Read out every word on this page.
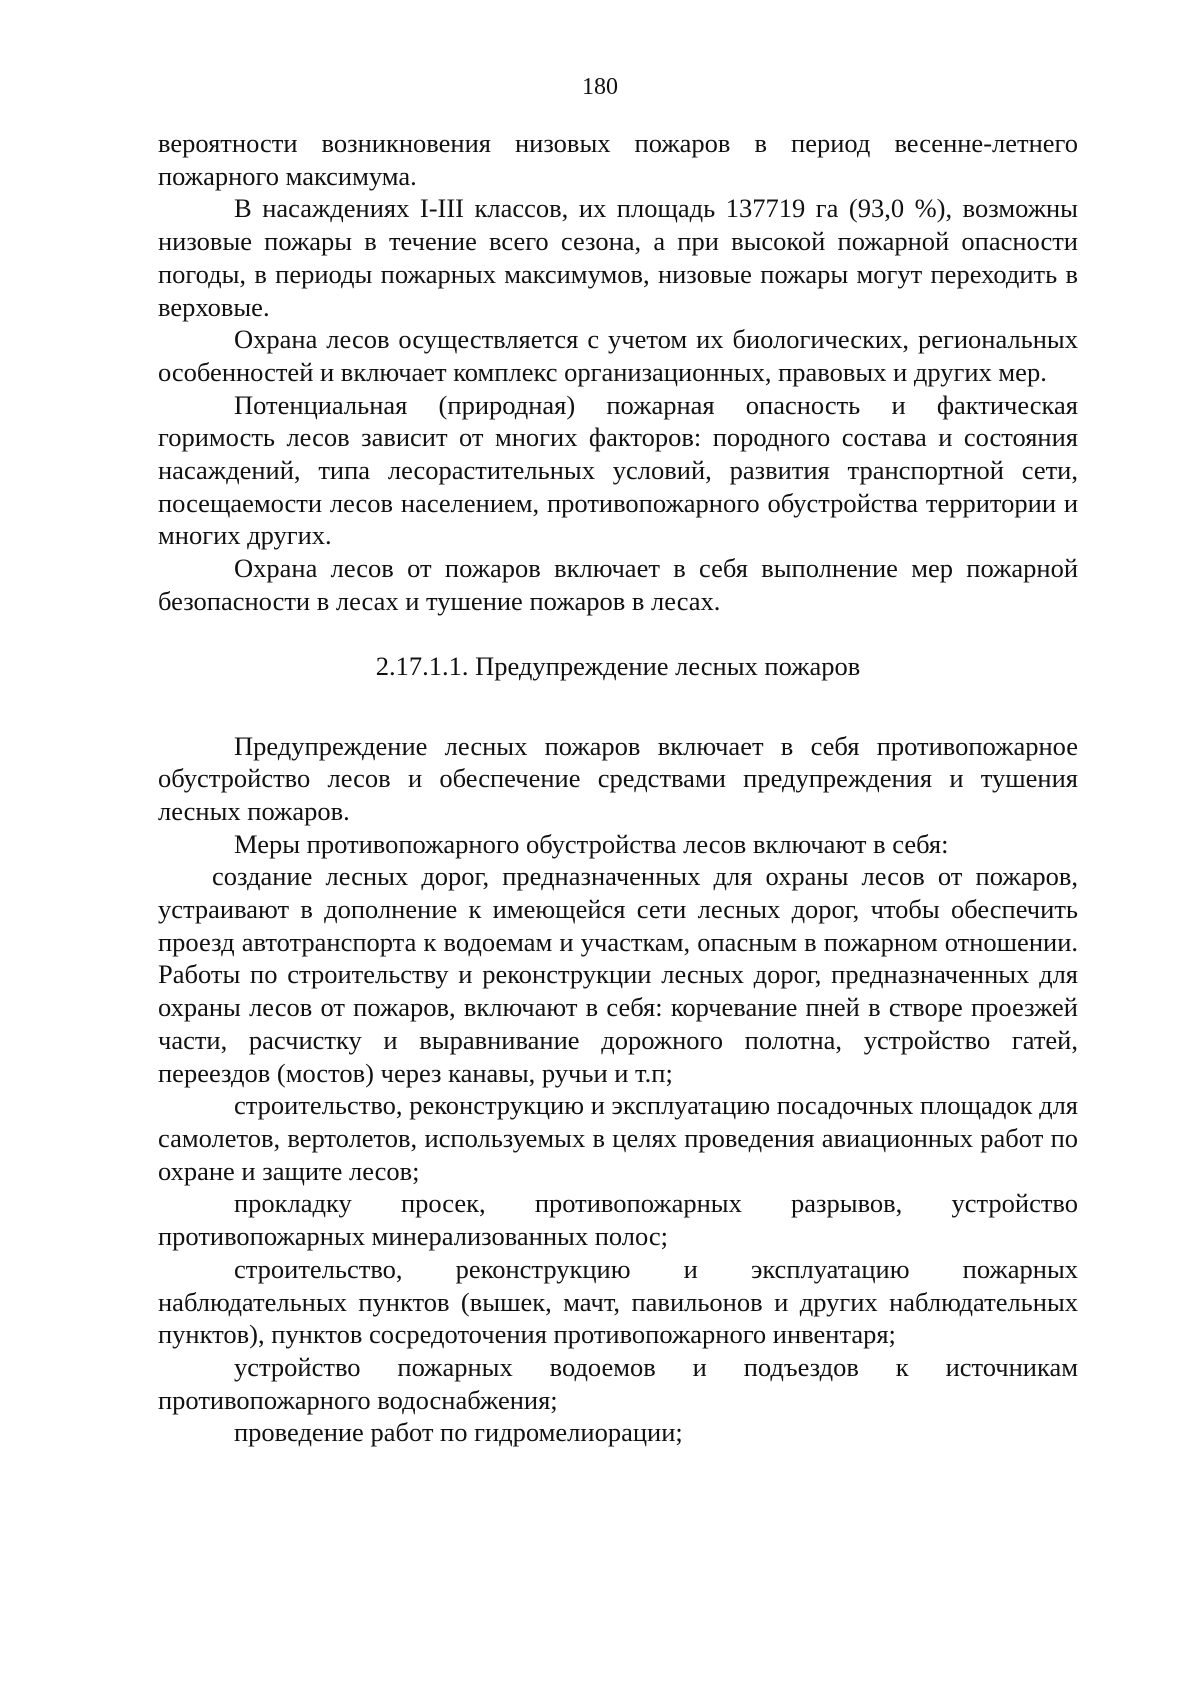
180

вероятности возникновения низовых пожаров в период весенне-летнего пожарного максимума.

В насаждениях I-III классов, их площадь 137719 га (93,0 %), возможны низовые пожары в течение всего сезона, а при высокой пожарной опасности погоды, в периоды пожарных максимумов, низовые пожары могут переходить в верховые.

Охрана лесов осуществляется с учетом их биологических, региональных особенностей и включает комплекс организационных, правовых и других мер.

Потенциальная (природная) пожарная опасность и фактическая горимость лесов зависит от многих факторов: породного состава и состояния насаждений, типа лесорастительных условий, развития транспортной сети, посещаемости лесов населением, противопожарного обустройства территории и многих других.

Охрана лесов от пожаров включает в себя выполнение мер пожарной безопасности в лесах и тушение пожаров в лесах.

2.17.1.1. Предупреждение лесных пожаров

Предупреждение лесных пожаров включает в себя противопожарное обустройство лесов и обеспечение средствами предупреждения и тушения лесных пожаров.

Меры противопожарного обустройства лесов включают в себя:

создание лесных дорог, предназначенных для охраны лесов от пожаров, устраивают в дополнение к имеющейся сети лесных дорог, чтобы обеспечить проезд автотранспорта к водоемам и участкам, опасным в пожарном отношении. Работы по строительству и реконструкции лесных дорог, предназначенных для охраны лесов от пожаров, включают в себя: корчевание пней в створе проезжей части, расчистку и выравнивание дорожного полотна, устройство гатей, переездов (мостов) через канавы, ручьи и т.п;

строительство, реконструкцию и эксплуатацию посадочных площадок для самолетов, вертолетов, используемых в целях проведения авиационных работ по охране и защите лесов;

прокладку просек, противопожарных разрывов, устройство противопожарных минерализованных полос;

строительство, реконструкцию и эксплуатацию пожарных наблюдательных пунктов (вышек, мачт, павильонов и других наблюдательных пунктов), пунктов сосредоточения противопожарного инвентаря;

устройство пожарных водоемов и подъездов к источникам противопожарного водоснабжения;

проведение работ по гидромелиорации;
